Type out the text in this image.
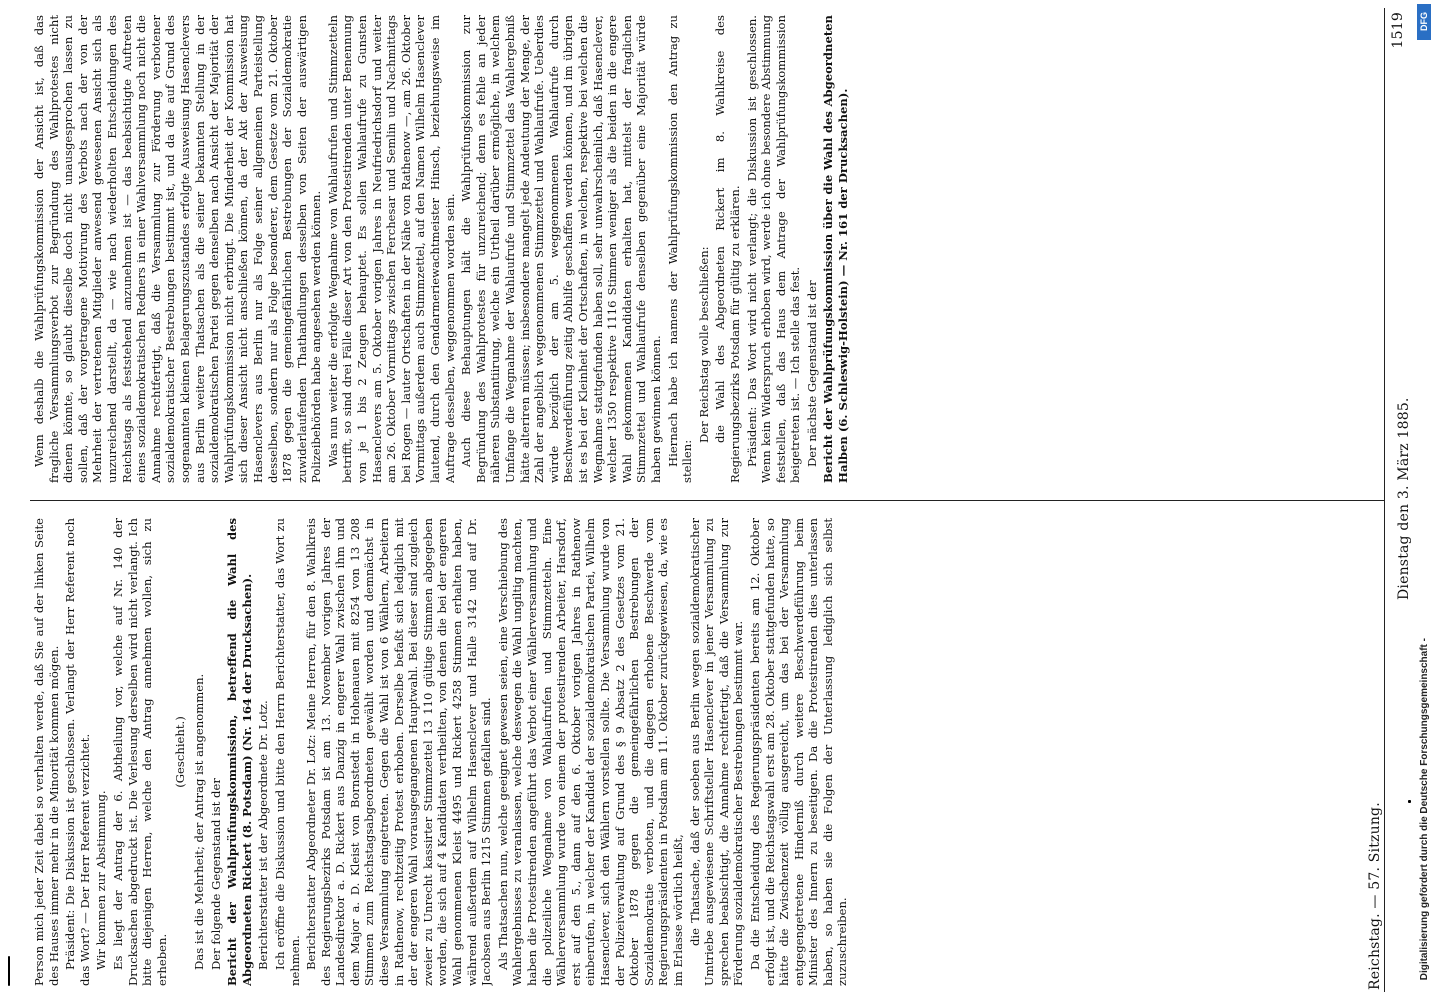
Reichstag. — 57. Sitzung.
Dienstag den 3. März 1885.
1519

Person mich jeder Zeit dabei so verhalten werde, daß Sie auf der linken Seite des Hauses immer mehr in die Minorität kommen mögen. Präsident: Die Diskussion ist geschlossen. Verlangt der Herr Referent noch das Wort? — Der Herr Referent verzichtet. Wir kommen zur Abstimmung. Es liegt der Antrag der 6. Abtheilung vor, welche auf Nr. 140 der Drucksachen abgedruckt ist. Die Verlesung derselben wird nicht verlangt. Ich bitte diejenigen Herren, welche den Antrag annehmen wollen, sich zu erheben.

(Geschieht.) Das ist die Mehrheit; der Antrag ist angenommen. Der folgende Gegenstand ist der Bericht der Wahlprüfungskommission, betreffend die Wahl des Abgeordneten Rickert (8. Potsdam) (Nr. 164 der Drucksachen). Berichterstatter ist der Abgeordnete Dr. Lotz. Ich eröffne die Diskussion und bitte den Herrn Berichterstatter, das Wort zu nehmen. Berichterstatter Abgeordneter Dr. Lotz: Meine Herren, für den 8. Wahlkreis des Regierungsbezirks Potsdam ist am 13. November vorigen Jahres der Landesdirektor a. D. Rickert aus Danzig in engerer Wahl zwischen ihm und dem Major a. D. Kleist von Bornstedt in Hohenauen mit 8254 von 13 208 Stimmen zum Reichstagsabgeordneten gewählt worden und demnächst in diese Versammlung eingetreten. Gegen die Wahl ist von 6 Wählern, Arbeitern in Rathenow, rechtzeitig Protest erhoben. Derselbe befaßt sich lediglich mit der der engeren Wahl vorausgegangenen Hauptwahl. Bei dieser sind zugleich zweier zu Unrecht kassirter Stimmzettel 13 110 gültige Stimmen abgegeben worden, die sich auf 4 Kandidaten vertheilten, von denen die bei der engeren Wahl genommenen Kleist 4495 und Rickert 4258 Stimmen erhalten haben, während außerdem auf Wilhelm Hasenclever und Halle 3142 und auf Dr. Jacobsen aus Berlin 1215 Stimmen gefallen sind. Als Thatsachen nun, welche geeignet gewesen seien, eine Verschiebung des Wahlergebnisses zu veranlassen, welche deswegen die Wahl ungiltig machten, haben die Protestirenden angeführt das Verbot einer Wählerversammlung und die polizeiliche Wegnahme von Wahlaufrufen und Stimmzetteln. Eine Wählerversammlung wurde von einem der protestirenden Arbeiter, Harsdorf, erst auf den 5., dann auf den 6. Oktober vorigen Jahres in Rathenow einberufen, in welcher der Kandidat der sozialdemokratischen Partei, Wilhelm Hasenclever, sich den Wählern vorstellen sollte. Die Versammlung wurde von der Polizeiverwaltung auf Grund des § 9 Absatz 2 des Gesetzes vom 21. Oktober 1878 gegen die gemeingefährlichen Bestrebungen der Sozialdemokratie verboten, und die dagegen erhobene Beschwerde vom Regierungspräsidenten in Potsdam am 11. Oktober zurückgewiesen, da, wie es im Erlasse wörtlich heißt, die Thatsache, daß der soeben aus Berlin wegen sozialdemokratischer Umtriebe ausgewiesene Schriftsteller Hasenclever in jener Versammlung zu sprechen beabsichtigt, die Annahme rechtfertigt, daß die Versammlung zur Förderung sozialdemokratischer Bestrebungen bestimmt war. Da die Entscheidung des Regierungspräsidenten bereits am 12. Oktober erfolgt ist, und die Reichstagswahl erst am 28. Oktober stattgefunden hatte, so hätte die Zwischenzeit völlig ausgereicht, um das bei der Versammlung entgegengetretene Hinderniß durch weitere Beschwerdeführung beim Minister des Innern zu beseitigen. Da die Protestirenden dies unterlassen haben, so haben sie die Folgen der Unterlassung lediglich sich selbst zuzuschreiben.

Wenn deshalb die Wahlprüfungskommission der Ansicht ist, daß das fragliche Versammlungsverbot zur Begründung des Wahlprotestes nicht dienen könnte, so glaubt dieselbe doch nicht unausgesprochen lassen zu sollen, daß der vorgetragene Motivirung des Verbots nach der von der Mehrheit der vertretenen Mitglieder anwesend gewesenen Ansicht sich als unzureichend darstellt, da — wie nach wiederholten Entscheidungen des Reichstags als feststehend anzunehmen ist — das beabsichtigte Auftreten eines sozialdemokratischen Redners in einer Wahlversammlung noch nicht die Annahme rechtfertigt, daß die Versammlung zur Förderung verbotener sozialdemokratischer Bestrebungen bestimmt ist, und da die auf Grund des sogenannten kleinen Belagerungszustandes erfolgte Ausweisung Hasenclevers aus Berlin weitere Thatsachen als die seiner bekannten Stellung in der sozialdemokratischen Partei gegen denselben nach Ansicht der Majorität der Wahlprüfungskommission nicht erbringt. Die Minderheit der Kommission hat sich dieser Ansicht nicht anschließen können, da der Akt der Ausweisung Hasenclevers aus Berlin nur als Folge seiner allgemeinen Parteistellung desselben, sondern nur als Folge besonderer, dem Gesetze vom 21. Oktober 1878 gegen die gemeingefährlichen Bestrebungen der Sozialdemokratie zuwiderlaufenden Thathandlungen desselben von Seiten der auswärtigen Polizeibehörden habe angesehen werden können. Was nun weiter die erfolgte Wegnahme von Wahlaufrufen und Stimmzetteln betrifft, so sind drei Fälle dieser Art von den Protestirenden unter Benennung von je 1 bis 2 Zeugen behauptet. Es sollen Wahlaufrufe zu Gunsten Hasenclevers am 5. Oktober vorigen Jahres in Neufriedrichsdorf und weiter am 26. Oktober Vormittags zwischen Ferchesar und Semlin und Nachmittags bei Rogen — lauter Ortschaften in der Nähe von Rathenow —, am 26. Oktober Vormittags außerdem auch Stimmzettel, auf den Namen Wilhelm Hasenclever lautend, durch den Gendarmeriewachtmeister Hinsch, beziehungsweise im Auftrage desselben, weggenommen worden sein. Auch diese Behauptungen hält die Wahlprüfungskommission zur Begründung des Wahlprotestes für unzureichend; denn es fehle an jeder näheren Substantiirung, welche ein Urtheil darüber ermögliche, in welchem Umfange die Wegnahme der Wahlaufrufe und Stimmzettel das Wahlergebniß hätte alteriren müssen; insbesondere mangelt jede Andeutung der Menge, der Zahl der angeblich weggenommenen Stimmzettel und Wahlaufrufe. Ueberdies würde bezüglich der am 5. weggenommenen Wahlaufrufe durch Beschwerdeführung zeitig Abhilfe geschaffen werden können, und im übrigen ist es bei der Kleinheit der Ortschaften, in welchen, respektive bei welchen die Wegnahme stattgefunden haben soll, sehr unwahrscheinlich, daß Hasenclever, welcher 1350 respektive 1116 Stimmen weniger als die beiden in die engere Wahl gekommenen Kandidaten erhalten hat, mittelst der fraglichen Stimmzettel und Wahlaufrufe denselben gegenüber eine Majorität würde haben gewinnen können. Hiernach habe ich namens der Wahlprüfungskommission den Antrag zu stellen:

Der Reichstag wolle beschließen: die Wahl des Abgeordneten Rickert im 8. Wahlkreise des Regierungsbezirks Potsdam für gültig zu erklären. Präsident: Das Wort wird nicht verlangt; die Diskussion ist geschlossen. Wenn kein Widerspruch erhoben wird, werde ich ohne besondere Abstimmung feststellen, daß das Haus dem Antrage der Wahlprüfungskommission beigetreten ist. — Ich stelle das fest. Der nächste Gegenstand ist der Bericht der Wahlprüfungskommission über die Wahl des Abgeordneten Halben (6. Schleswig-Holstein) — Nr. 161 der Drucksachen).

DFG
Digitalisierung gefördert durch die Deutsche Forschungsgemeinschaft -
